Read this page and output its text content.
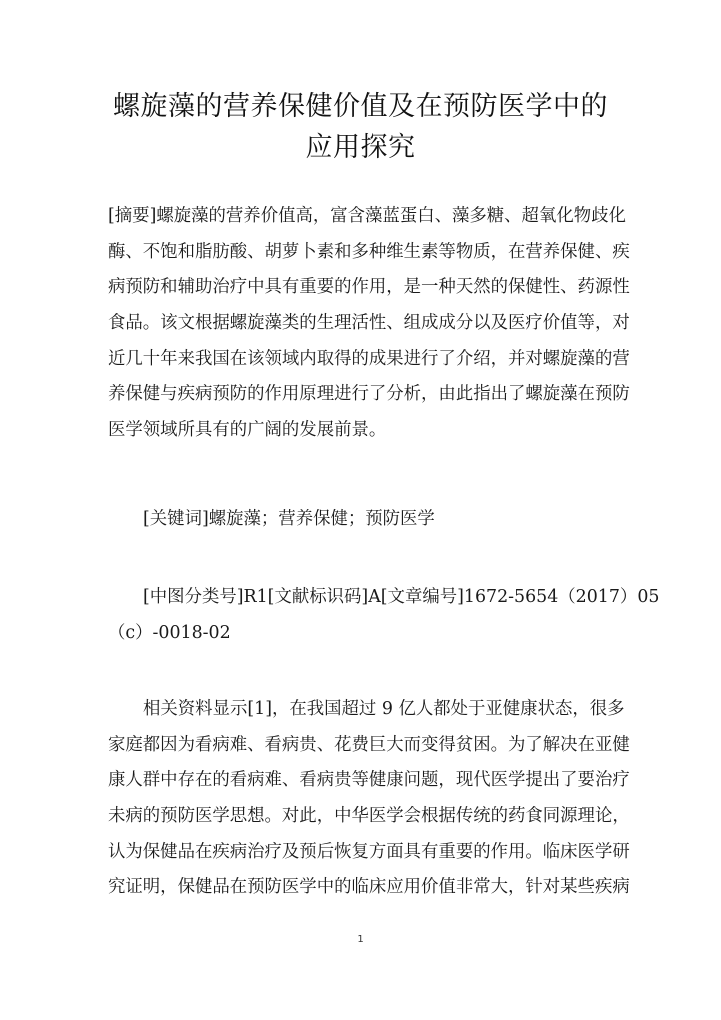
螺旋藻的营养保健价值及在预防医学中的
应用探究
[摘要]螺旋藻的营养价值高，富含藻蓝蛋白、藻多糖、超氧化物歧化
酶、不饱和脂肪酸、胡萝卜素和多种维生素等物质，在营养保健、疾
病预防和辅助治疗中具有重要的作用，是一种天然的保健性、药源性
食品。该文根据螺旋藻类的生理活性、组成成分以及医疗价值等，对
近几十年来我国在该领域内取得的成果进行了介绍，并对螺旋藻的营
养保健与疾病预防的作用原理进行了分析，由此指出了螺旋藻在预防
医学领域所具有的广阔的发展前景。
[关键词]螺旋藻；营养保健；预防医学
[中图分类号]R1[文献标识码]A[文章编号]1672-5654（2017）05
（c）-0018-02
相关资料显示[1]，在我国超过 9 亿人都处于亚健康状态，很多
家庭都因为看病难、看病贵、花费巨大而变得贫困。为了解决在亚健
康人群中存在的看病难、看病贵等健康问题，现代医学提出了要治疗
未病的预防医学思想。对此，中华医学会根据传统的药食同源理论，
认为保健品在疾病治疗及预后恢复方面具有重要的作用。临床医学研
究证明，保健品在预防医学中的临床应用价值非常大，针对某些疾病
1
